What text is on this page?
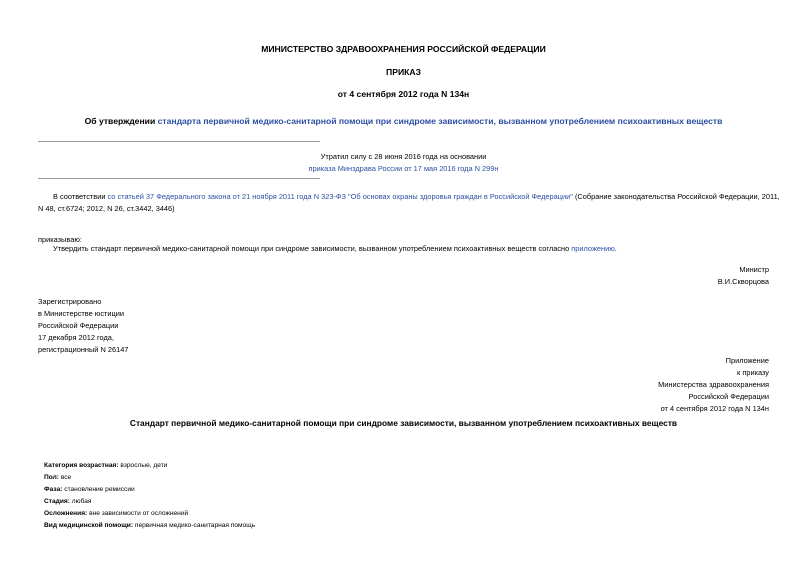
МИНИСТЕРСТВО ЗДРАВООХРАНЕНИЯ РОССИЙСКОЙ ФЕДЕРАЦИИ
ПРИКАЗ
от 4 сентября 2012 года N 134н
Об утверждении стандарта первичной медико-санитарной помощи при синдроме зависимости, вызванном употреблением психоактивных веществ
Утратил силу с 28 июня 2016 года на основании
приказа Минздрава России от 17 мая 2016 года N 299н
В соответствии со статьей 37 Федерального закона от 21 ноября 2011 года N 323-ФЗ "Об основах охраны здоровья граждан в Российской Федерации" (Собрание законодательства Российской Федерации, 2011,
N 48, ст.6724; 2012, N 26, ст.3442, 3446)
приказываю:
Утвердить стандарт первичной медико-санитарной помощи при синдроме зависимости, вызванном употреблением психоактивных веществ согласно приложению.
Министр
В.И.Скворцова
Зарегистрировано
в Министерстве юстиции
Российской Федерации
17 декабря 2012 года,
регистрационный N 26147
Приложение
к приказу
Министерства здравоохранения
Российской Федерации
от 4 сентября 2012 года N 134н
Стандарт первичной медико-санитарной помощи при синдроме зависимости, вызванном употреблением психоактивных веществ
Категория возрастная: взрослые, дети
Пол: все
Фаза: становление ремиссии
Стадия: любая
Осложнения: вне зависимости от осложнений
Вид медицинской помощи: первичная медико-санитарная помощь
